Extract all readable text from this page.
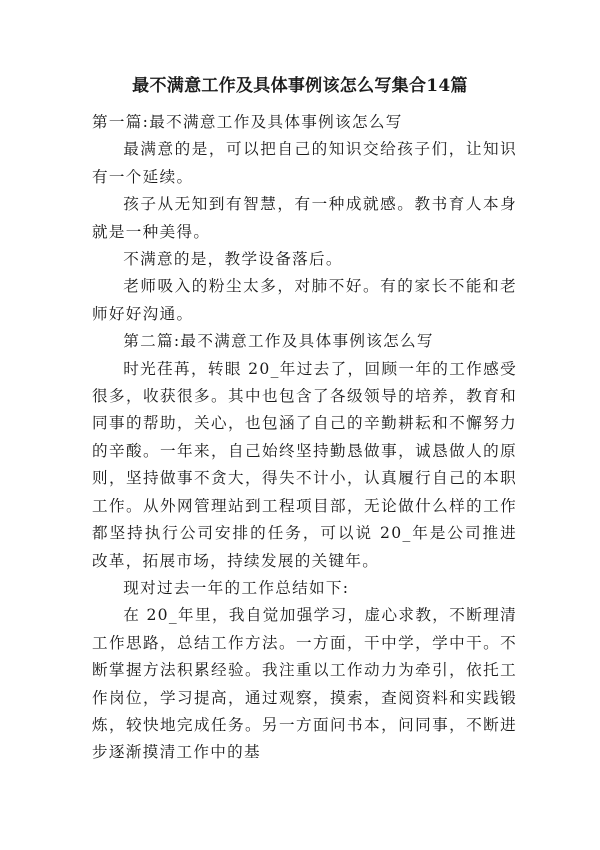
最不满意工作及具体事例该怎么写集合14篇

第一篇:最不满意工作及具体事例该怎么写

最满意的是，可以把自己的知识交给孩子们，让知识有一个延续。

孩子从无知到有智慧，有一种成就感。教书育人本身就是一种美得。

不满意的是，教学设备落后。

老师吸入的粉尘太多，对肺不好。有的家长不能和老师好好沟通。

第二篇:最不满意工作及具体事例该怎么写

时光荏苒，转眼 20_年过去了，回顾一年的工作感受很多，收获很多。其中也包含了各级领导的培养，教育和同事的帮助，关心，也包涵了自己的辛勤耕耘和不懈努力的辛酸。一年来，自己始终坚持勤恳做事，诚恳做人的原则，坚持做事不贪大，得失不计小，认真履行自己的本职工作。从外网管理站到工程项目部，无论做什么样的工作都坚持执行公司安排的任务，可以说 20_年是公司推进改革，拓展市场，持续发展的关键年。

现对过去一年的工作总结如下:

在 20_年里，我自觉加强学习，虚心求教，不断理清工作思路，总结工作方法。一方面，干中学，学中干。不断掌握方法积累经验。我注重以工作动力为牵引，依托工作岗位，学习提高，通过观察，摸索，查阅资料和实践锻炼，较快地完成任务。另一方面问书本，问同事，不断进步逐渐摸清工作中的基
